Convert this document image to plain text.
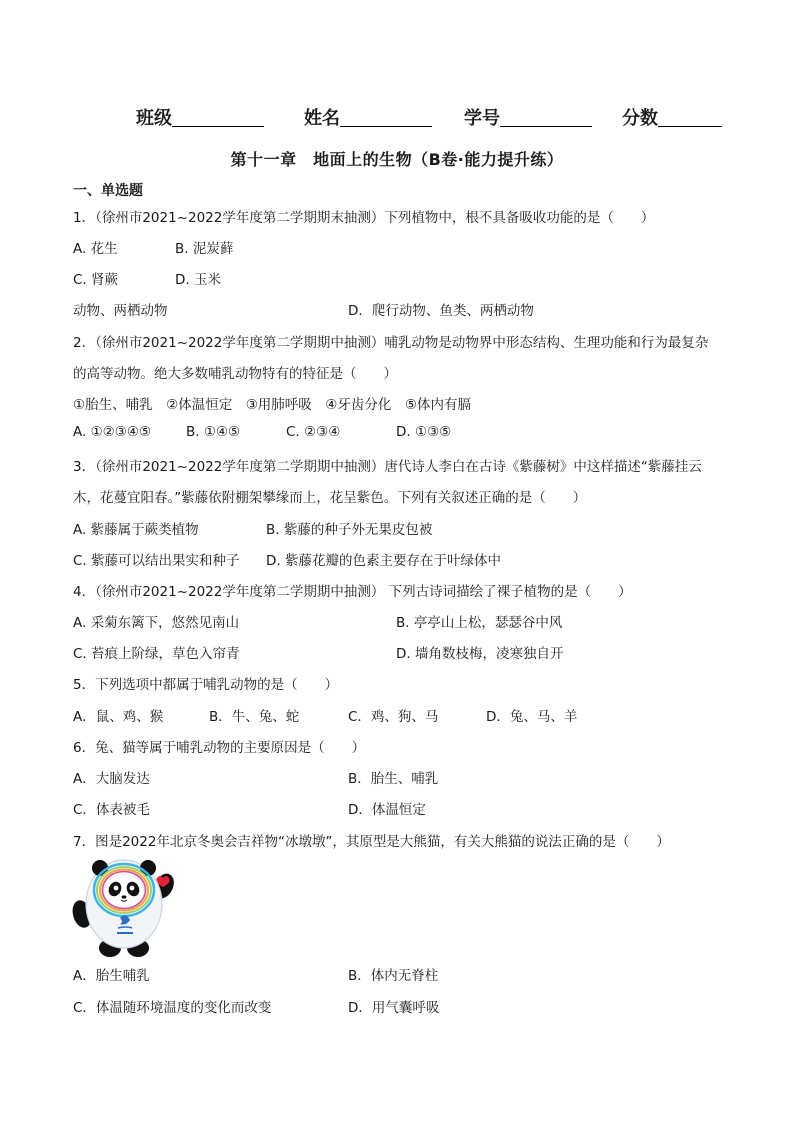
班级	姓名	学号	分数
第十一章　地面上的生物（B卷·能力提升练）
一、单选题
1．（徐州市2021~2022学年度第二学期期末抽测）下列植物中，根不具备吸收功能的是（　　）
A. 花生	B. 泥炭藓
C. 肾蕨	D. 玉米
动物、两栖动物	D．爬行动物、鱼类、两栖动物
2．（徐州市2021~2022学年度第二学期期中抽测）哺乳动物是动物界中形态结构、生理功能和行为最复杂
的高等动物。绝大多数哺乳动物特有的特征是（　　）
①胎生、哺乳　②体温恒定　③用肺呼吸　④牙齿分化　⑤体内有膈
A. ①②③④⑤	B. ①④⑤	C. ②③④	D. ①③⑤
3．（徐州市2021~2022学年度第二学期期中抽测）唐代诗人李白在古诗《紫藤树》中这样描述“紫藤挂云
木，花蔓宜阳春。”紫藤依附棚架攀缘而上，花呈紫色。下列有关叙述正确的是（　　）
A. 紫藤属于蕨类植物	B. 紫藤的种子外无果皮包被
C. 紫藤可以结出果实和种子 D. 紫藤花瓣的色素主要存在于叶绿体中
4．（徐州市2021~2022学年度第二学期期中抽测） 下列古诗词描绘了裸子植物的是（　　）
A. 采菊东篱下，悠然见南山	B. 亭亭山上松，瑟瑟谷中风
C. 苔痕上阶绿，草色入帘青	D. 墙角数枝梅，凌寒独自开
5．下列选项中都属于哺乳动物的是（　　）
A．鼠、鸡、猴	B．牛、兔、蛇	C．鸡、狗、马	D．兔、马、羊
6．兔、猫等属于哺乳动物的主要原因是（　　）
A．大脑发达	B．胎生、哺乳
C．体表被毛	D．体温恒定
7．图是2022年北京冬奥会吉祥物“冰墩墩”，其原型是大熊猫，有关大熊猫的说法正确的是（　　）
A．胎生哺乳	B．体内无脊柱
C．体温随环境温度的变化而改变	D．用气囊呼吸
